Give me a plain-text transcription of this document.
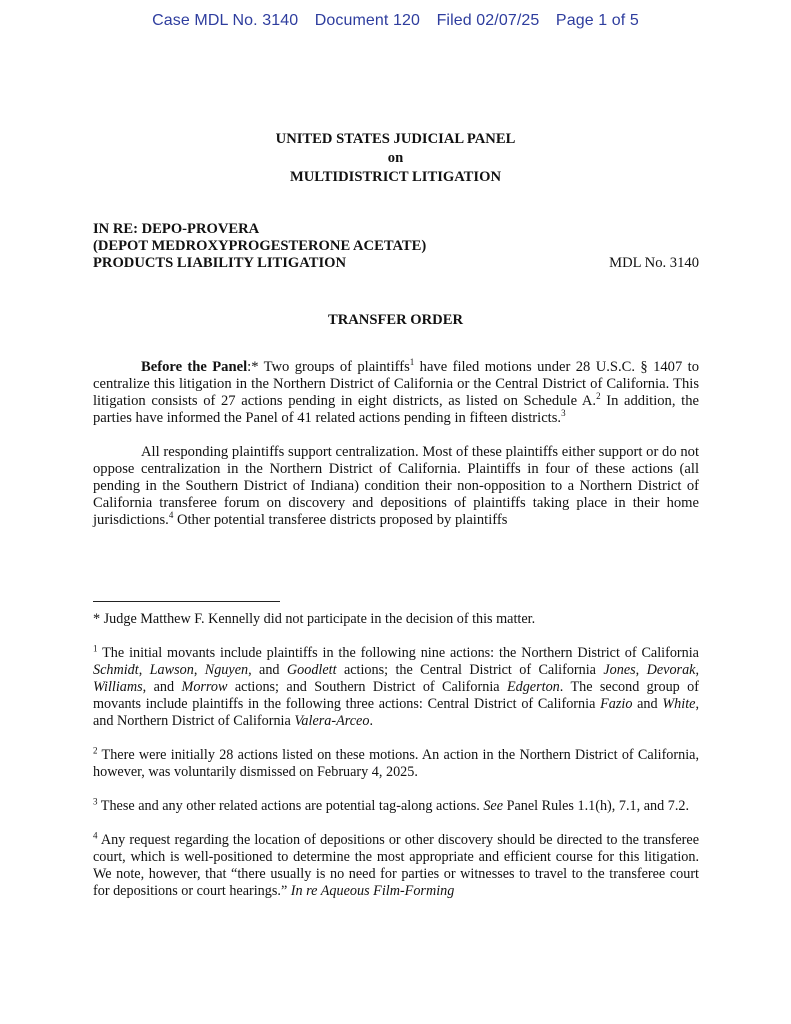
Case MDL No. 3140 Document 120 Filed 02/07/25 Page 1 of 5
UNITED STATES JUDICIAL PANEL
on
MULTIDISTRICT LITIGATION
IN RE: DEPO-PROVERA
(DEPOT MEDROXYPROGESTERONE ACETATE)
PRODUCTS LIABILITY LITIGATION	MDL No. 3140
TRANSFER ORDER

Before the Panel:* Two groups of plaintiffs$^1$ have filed motions under 28 U.S.C. § 1407 to centralize this litigation in the Northern District of California or the Central District of California. This litigation consists of 27 actions pending in eight districts, as listed on Schedule A.$^2$ In addition, the parties have informed the Panel of 41 related actions pending in fifteen districts.$^3$

All responding plaintiffs support centralization. Most of these plaintiffs either support or do not oppose centralization in the Northern District of California. Plaintiffs in four of these actions (all pending in the Southern District of Indiana) condition their non-opposition to a Northern District of California transferee forum on discovery and depositions of plaintiffs taking place in their home jurisdictions.$^4$ Other potential transferee districts proposed by plaintiffs

* Judge Matthew F. Kennelly did not participate in the decision of this matter.

$^1$ The initial movants include plaintiffs in the following nine actions: the Northern District of California Schmidt, Lawson, Nguyen, and Goodlett actions; the Central District of California Jones, Devorak, Williams, and Morrow actions; and Southern District of California Edgerton. The second group of movants include plaintiffs in the following three actions: Central District of California Fazio and White, and Northern District of California Valera-Arceo.

$^2$ There were initially 28 actions listed on these motions. An action in the Northern District of California, however, was voluntarily dismissed on February 4, 2025.

$^3$ These and any other related actions are potential tag-along actions. See Panel Rules 1.1(h), 7.1, and 7.2.

$^4$ Any request regarding the location of depositions or other discovery should be directed to the transferee court, which is well-positioned to determine the most appropriate and efficient course for this litigation. We note, however, that “there usually is no need for parties or witnesses to travel to the transferee court for depositions or court hearings.” In re Aqueous Film-Forming
